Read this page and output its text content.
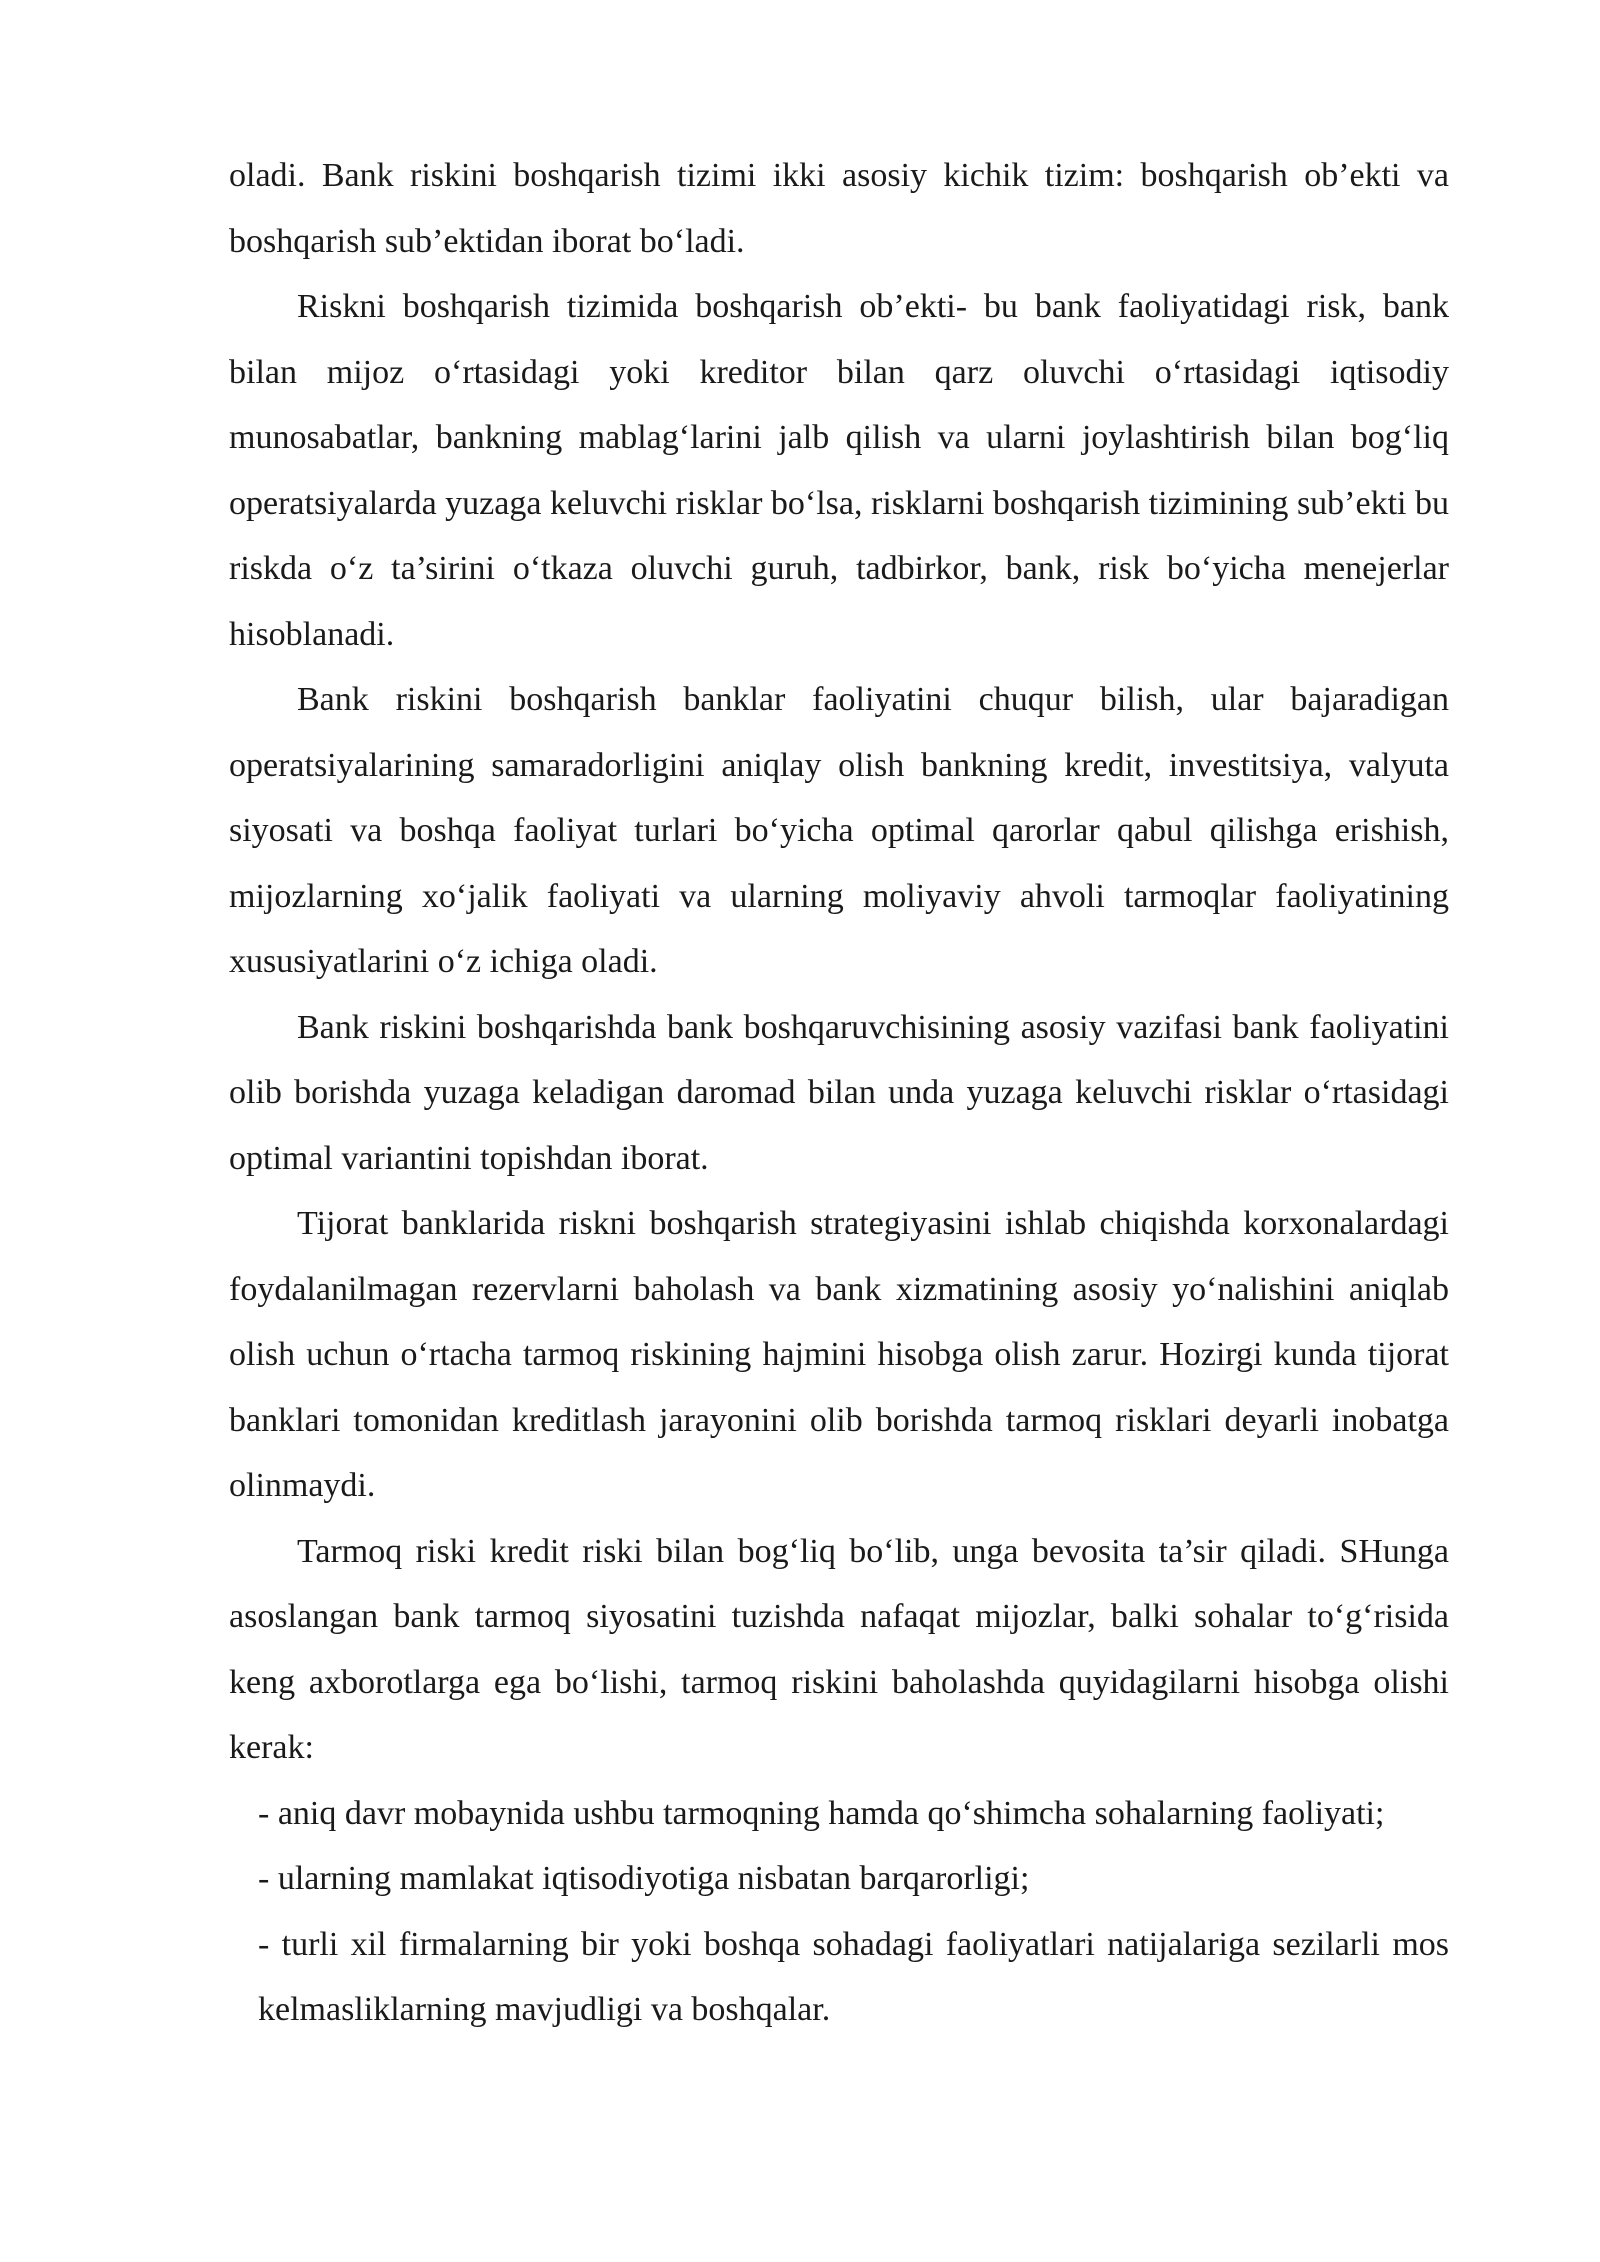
oladi. Bank riskini boshqarish tizimi ikki asosiy kichik tizim: boshqarish ob’ekti va boshqarish sub’ektidan iborat bo‘ladi.

Riskni boshqarish tizimida boshqarish ob’ekti- bu bank faoliyatidagi risk, bank bilan mijoz o‘rtasidagi yoki kreditor bilan qarz oluvchi o‘rtasidagi iqtisodiy munosabatlar, bankning mablag‘larini jalb qilish va ularni joylashtirish bilan bog‘liq operatsiyalarda yuzaga keluvchi risklar bo‘lsa, risklarni boshqarish tizimining sub’ekti bu riskda o‘z ta’sirini o‘tkaza oluvchi guruh, tadbirkor, bank, risk bo‘yicha menejerlar hisoblanadi.

Bank riskini boshqarish banklar faoliyatini chuqur bilish, ular bajaradigan operatsiyalarining samaradorligini aniqlay olish bankning kredit, investitsiya, valyuta siyosati va boshqa faoliyat turlari bo‘yicha optimal qarorlar qabul qilishga erishish, mijozlarning xo‘jalik faoliyati va ularning moliyaviy ahvoli tarmoqlar faoliyatining xususiyatlarini o‘z ichiga oladi.

Bank riskini boshqarishda bank boshqaruvchisining asosiy vazifasi bank faoliyatini olib borishda yuzaga keladigan daromad bilan unda yuzaga keluvchi risklar o‘rtasidagi optimal variantini topishdan iborat.

Tijorat banklarida riskni boshqarish strategiyasini ishlab chiqishda korxonalardagi foydalanilmagan rezervlarni baholash va bank xizmatining asosiy yo‘nalishini aniqlab olish uchun o‘rtacha tarmoq riskining hajmini hisobga olish zarur. Hozirgi kunda tijorat banklari tomonidan kreditlash jarayonini olib borishda tarmoq risklari deyarli inobatga olinmaydi.

Tarmoq riski kredit riski bilan bog‘liq bo‘lib, unga bevosita ta’sir qiladi. SHunga asoslangan bank tarmoq siyosatini tuzishda nafaqat mijozlar, balki sohalar to‘g‘risida keng axborotlarga ega bo‘lishi, tarmoq riskini baholashda quyidagilarni hisobga olishi kerak:

- aniq davr mobaynida ushbu tarmoqning hamda qo‘shimcha sohalarning faoliyati;
- ularning mamlakat iqtisodiyotiga nisbatan barqarorligi;
- turli xil firmalarning bir yoki boshqa sohadagi faoliyatlari natijalariga sezilarli mos kelmasliklarning mavjudligi va boshqalar.
